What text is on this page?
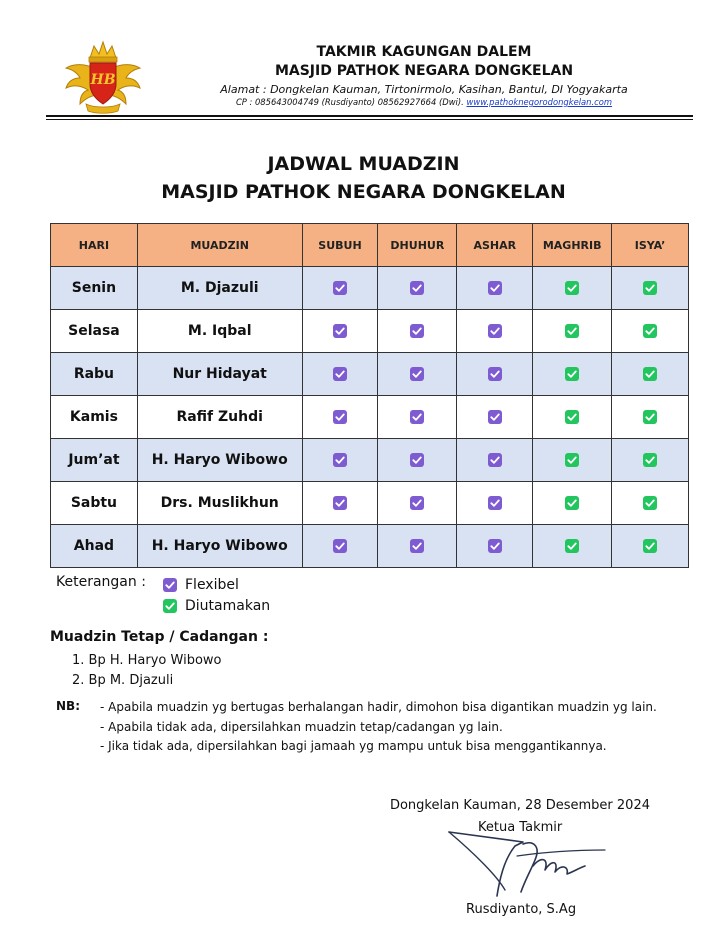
HB
TAKMIR KAGUNGAN DALEM
MASJID PATHOK NEGARA DONGKELAN
Alamat : Dongkelan Kauman, Tirtonirmolo, Kasihan, Bantul, DI Yogyakarta
CP : 085643004749 (Rusdiyanto) 08562927664 (Dwi). www.pathoknegorodongkelan.com
JADWAL MUADZIN
MASJID PATHOK NEGARA DONGKELAN
HARI	MUADZIN	SUBUH	DHUHUR	ASHAR	MAGHRIB	ISYA’
Senin	M. Djazuli	

Selasa	M. Iqbal	

Rabu	Nur Hidayat	

Kamis	Rafif Zuhdi	

Jum’at	H. Haryo Wibowo	

Sabtu	Drs. Muslikhun	

Ahad	H. Haryo Wibowo	

Keterangan :	Flexibel
Diutamakan
Muadzin Tetap / Cadangan :
1. Bp H. Haryo Wibowo
2. Bp M. Djazuli
NB: - Apabila muadzin yg bertugas berhalangan hadir, dimohon bisa digantikan muadzin yg lain.
- Apabila tidak ada, dipersilahkan muadzin tetap/cadangan yg lain.
- Jika tidak ada, dipersilahkan bagi jamaah yg mampu untuk bisa menggantikannya.
Dongkelan Kauman, 28 Desember 2024
Ketua Takmir
Rusdiyanto, S.Ag
